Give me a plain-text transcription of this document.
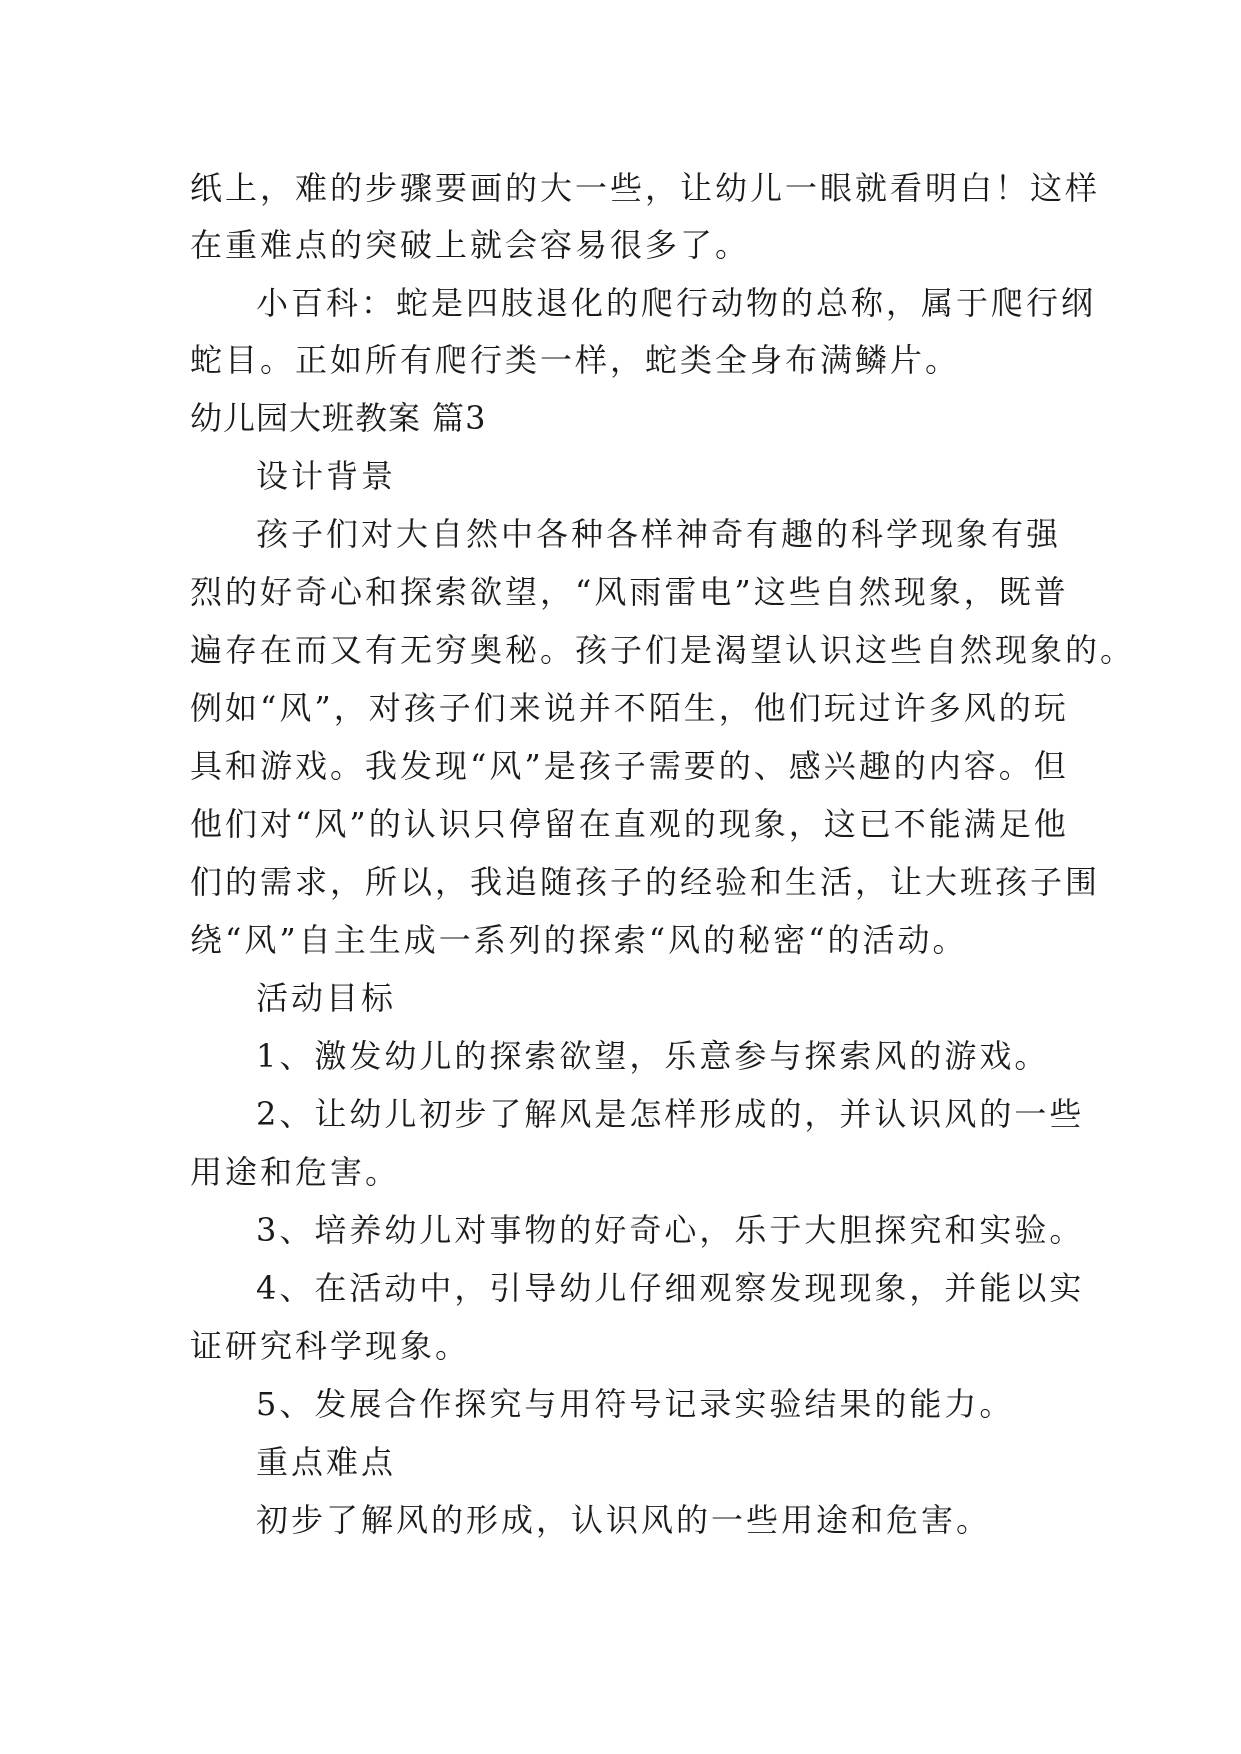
纸上，难的步骤要画的大一些，让幼儿一眼就看明白！这样
在重难点的突破上就会容易很多了。
小百科：蛇是四肢退化的爬行动物的总称，属于爬行纲
蛇目。正如所有爬行类一样，蛇类全身布满鳞片。
幼儿园大班教案 篇3
设计背景
孩子们对大自然中各种各样神奇有趣的科学现象有强
烈的好奇心和探索欲望，“风雨雷电”这些自然现象，既普
遍存在而又有无穷奥秘。孩子们是渴望认识这些自然现象的。
例如“风”，对孩子们来说并不陌生，他们玩过许多风的玩
具和游戏。我发现“风”是孩子需要的、感兴趣的内容。但
他们对“风”的认识只停留在直观的现象，这已不能满足他
们的需求，所以，我追随孩子的经验和生活，让大班孩子围
绕“风”自主生成一系列的探索“风的秘密“的活动。
活动目标
1、激发幼儿的探索欲望，乐意参与探索风的游戏。
2、让幼儿初步了解风是怎样形成的，并认识风的一些
用途和危害。
3、培养幼儿对事物的好奇心，乐于大胆探究和实验。
4、在活动中，引导幼儿仔细观察发现现象，并能以实
证研究科学现象。
5、发展合作探究与用符号记录实验结果的能力。
重点难点
初步了解风的形成，认识风的一些用途和危害。
